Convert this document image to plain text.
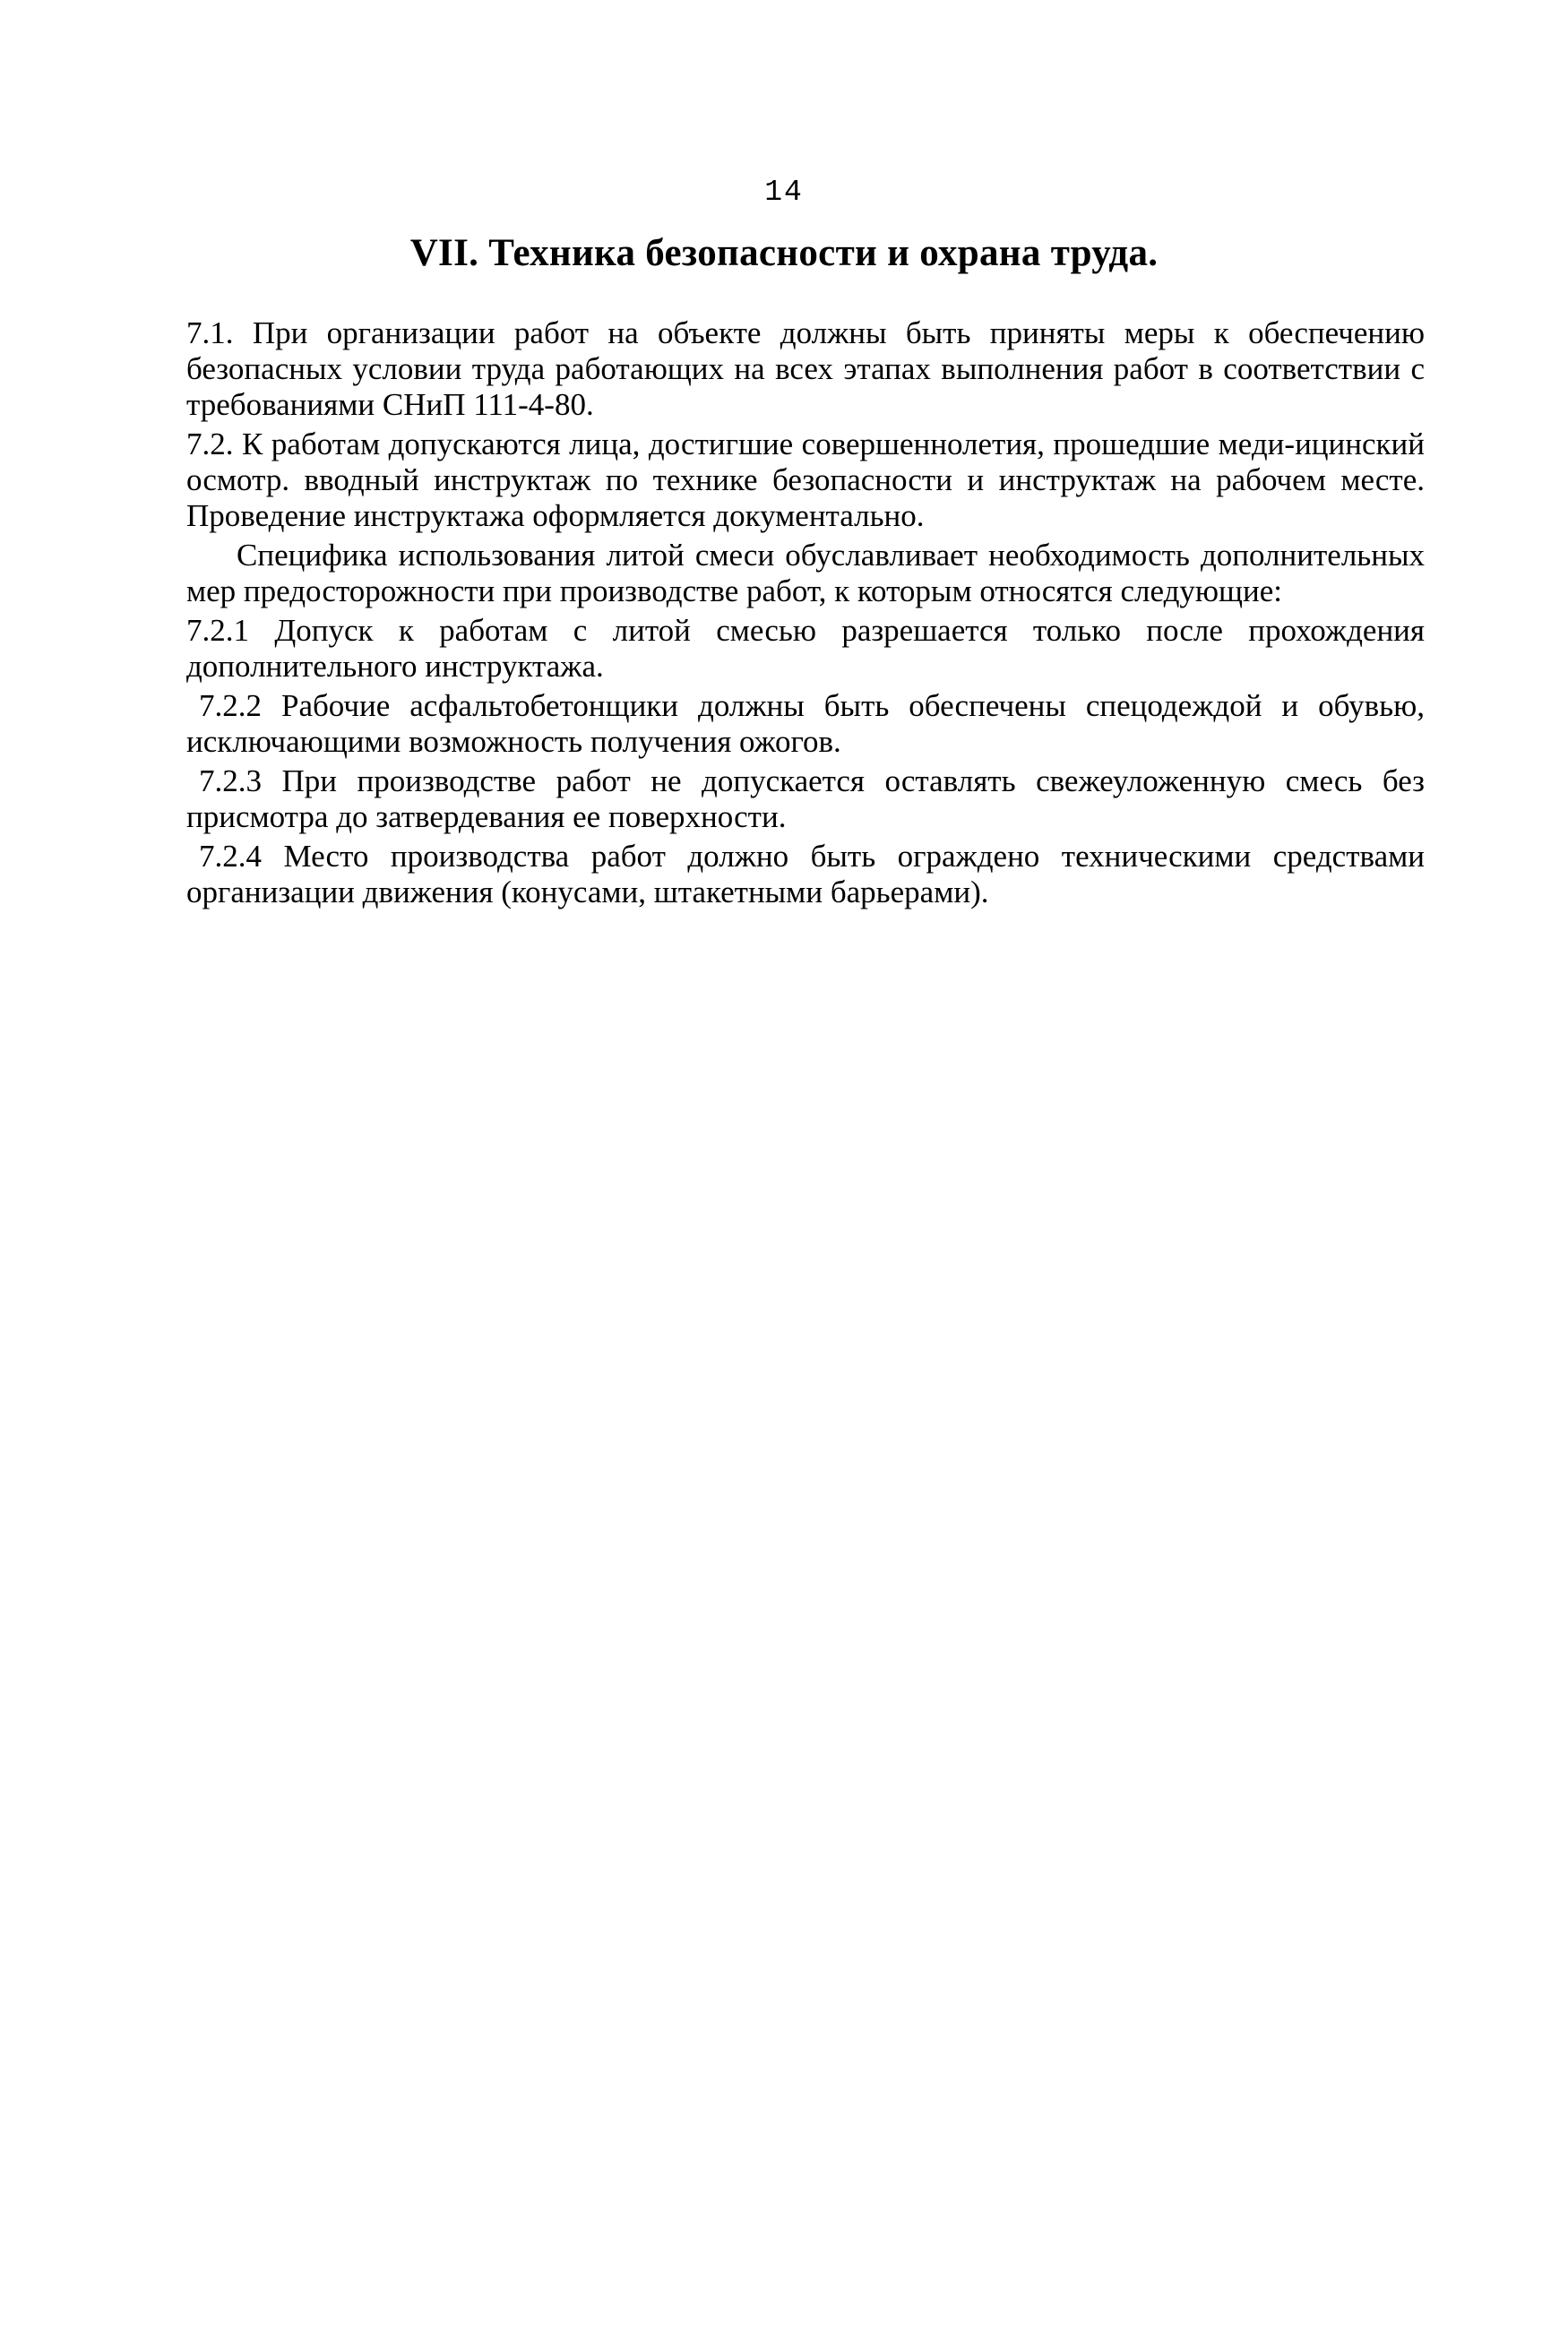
14
VII. Техника безопасности и охрана труда.

7.1. При организации работ на объекте должны быть приняты меры к обеспечению безопасных условии труда работающих на всех этапах выполнения работ в соответствии с требованиями СНиП 111-4-80.

7.2. К работам допускаются лица, достигшие совершеннолетия, прошедшие меди-ицинский осмотр. вводный инструктаж по технике безопасности и инструктаж на рабочем месте. Проведение инструктажа оформляется документально.

Специфика использования литой смеси обуславливает необходимость дополнительных мер предосторожности при производстве работ, к которым относятся следующие:

7.2.1 Допуск к работам с литой смесью разрешается только после прохождения дополнительного инструктажа.

7.2.2 Рабочие асфальтобетонщики должны быть обеспечены спецодеждой и обувью, исключающими возможность получения ожогов.

7.2.3 При производстве работ не допускается оставлять свежеуложенную смесь без присмотра до затвердевания ее поверхности.

7.2.4 Место производства работ должно быть ограждено техническими средствами организации движения (конусами, штакетными барьерами).
